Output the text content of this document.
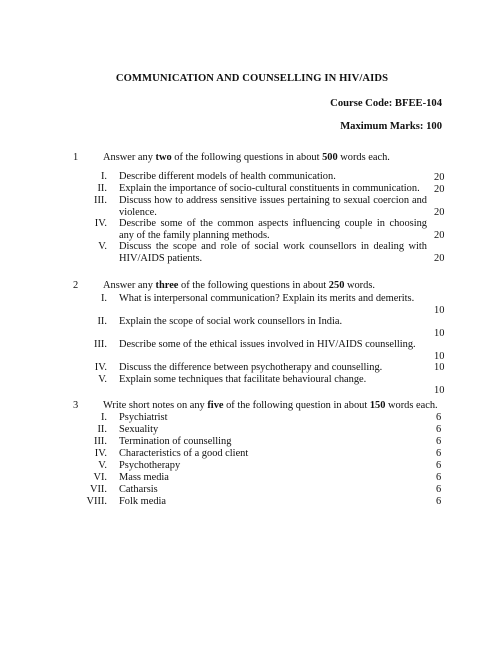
COMMUNICATION AND COUNSELLING IN HIV/AIDS
Course Code: BFEE-104
Maximum Marks: 100
1 Answer any two of the following questions in about 500 words each.
I. Describe different models of health communication.	20
II. Explain the importance of socio-cultural constituents in communication.	20
III. Discuss how to address sensitive issues pertaining to sexual coercion and violence.	20
IV. Describe some of the common aspects influencing couple in choosing any of the family planning methods.	20
V. Discuss the scope and role of social work counsellors in dealing with HIV/AIDS patients.	20
2 Answer any three of the following questions in about 250 words.
I. What is interpersonal communication? Explain its merits and demerits.
10
II. Explain the scope of social work counsellors in India.
10
III. Describe some of the ethical issues involved in HIV/AIDS counselling.
10
IV. Discuss the difference between psychotherapy and counselling.	10
V. Explain some techniques that facilitate behavioural change.
10
3 Write short notes on any five of the following question in about 150 words each.
I. Psychiatrist	6
II. Sexuality	6
III. Termination of counselling	6
IV. Characteristics of a good client	6
V. Psychotherapy	6
VI. Mass media	6
VII. Catharsis	6
VIII. Folk media	6
